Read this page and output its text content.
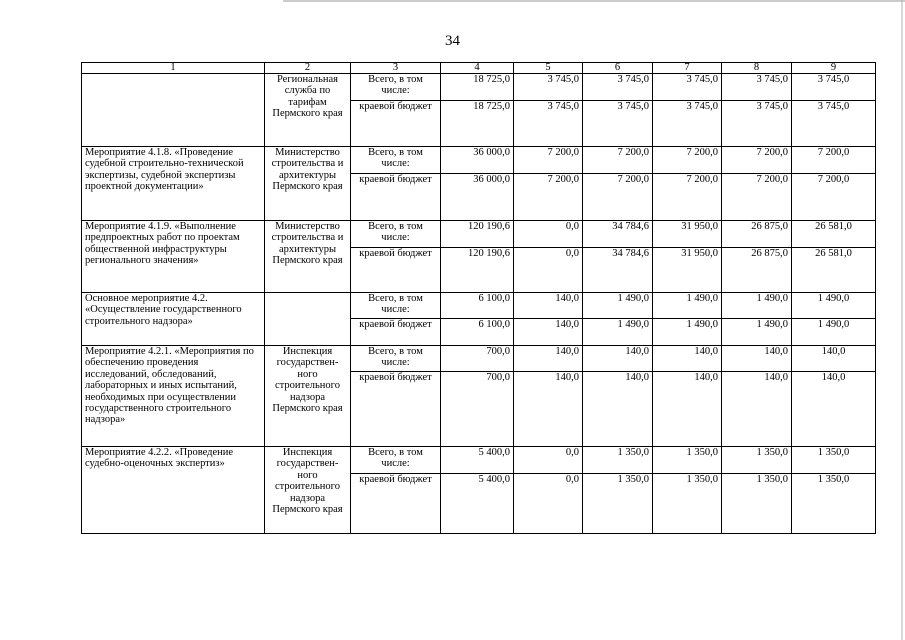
34
1	2	3	4	5	6	7	8	9
	Региональная служба по тарифам Пермского края	Всего, в том числе:	18 725,0	3 745,0	3 745,0	3 745,0	3 745,0	3 745,0
		краевой бюджет	18 725,0	3 745,0	3 745,0	3 745,0	3 745,0	3 745,0
Мероприятие 4.1.8. «Проведение судебной строительно-технической экспертизы, судебной экспертизы проектной документации»	Министерство строительства и архитектуры Пермского края	Всего, в том числе:	36 000,0	7 200,0	7 200,0	7 200,0	7 200,0	7 200,0
		краевой бюджет	36 000,0	7 200,0	7 200,0	7 200,0	7 200,0	7 200,0
Мероприятие 4.1.9. «Выполнение предпроектных работ по проектам общественной инфраструктуры регионального значения»	Министерство строительства и архитектуры Пермского края	Всего, в том числе:	120 190,6	0,0	34 784,6	31 950,0	26 875,0	26 581,0
		краевой бюджет	120 190,6	0,0	34 784,6	31 950,0	26 875,0	26 581,0
Основное мероприятие 4.2. «Осуществление государственного строительного надзора»		Всего, в том числе:	6 100,0	140,0	1 490,0	1 490,0	1 490,0	1 490,0
		краевой бюджет	6 100,0	140,0	1 490,0	1 490,0	1 490,0	1 490,0
Мероприятие 4.2.1. «Мероприятия по обеспечению проведения исследований, обследований, лабораторных и иных испытаний, необходимых при осуществлении государственного строительного надзора»	Инспекция государствен-ного строительного надзора Пермского края	Всего, в том числе:	700,0	140,0	140,0	140,0	140,0	140,0
		краевой бюджет	700,0	140,0	140,0	140,0	140,0	140,0
Мероприятие 4.2.2. «Проведение судебно-оценочных экспертиз»	Инспекция государствен-ного строительного надзора Пермского края	Всего, в том числе:	5 400,0	0,0	1 350,0	1 350,0	1 350,0	1 350,0
		краевой бюджет	5 400,0	0,0	1 350,0	1 350,0	1 350,0	1 350,0
